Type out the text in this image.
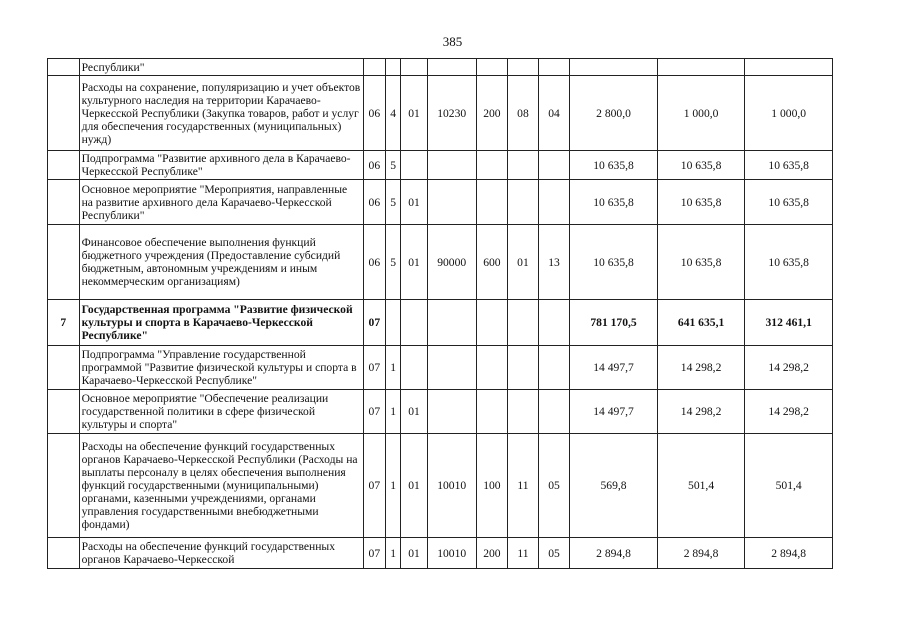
385
	Республики"										
	Расходы на сохранение, популяризацию и учет объектов культурного наследия на территории Карачаево-Черкесской Республики (Закупка товаров, работ и услуг для обеспечения государственных (муниципальных) нужд)	06	4	01	10230	200	08	04	2 800,0	1 000,0	1 000,0
	Подпрограмма "Развитие архивного дела в Карачаево-Черкесской Республике"	06	5						10 635,8	10 635,8	10 635,8
	Основное мероприятие "Мероприятия, направленные на развитие архивного дела Карачаево-Черкесской Республики"	06	5	01					10 635,8	10 635,8	10 635,8
	Финансовое обеспечение выполнения функций бюджетного учреждения (Предоставление субсидий бюджетным, автономным учреждениям и иным некоммерческим организациям)	06	5	01	90000	600	01	13	10 635,8	10 635,8	10 635,8
7	Государственная программа "Развитие физической культуры и спорта в Карачаево-Черкесской Республике"	07							781 170,5	641 635,1	312 461,1
	Подпрограмма "Управление государственной программой "Развитие физической культуры и спорта в Карачаево-Черкесской Республике"	07	1						14 497,7	14 298,2	14 298,2
	Основное мероприятие "Обеспечение реализации государственной политики в сфере физической культуры и спорта"	07	1	01					14 497,7	14 298,2	14 298,2
	Расходы на обеспечение функций государственных органов Карачаево-Черкесской Республики (Расходы на выплаты персоналу в целях обеспечения выполнения функций государственными (муниципальными) органами, казенными учреждениями, органами управления государственными внебюджетными фондами)	07	1	01	10010	100	11	05	569,8	501,4	501,4
	Расходы на обеспечение функций государственных органов Карачаево-Черкесской	07	1	01	10010	200	11	05	2 894,8	2 894,8	2 894,8
